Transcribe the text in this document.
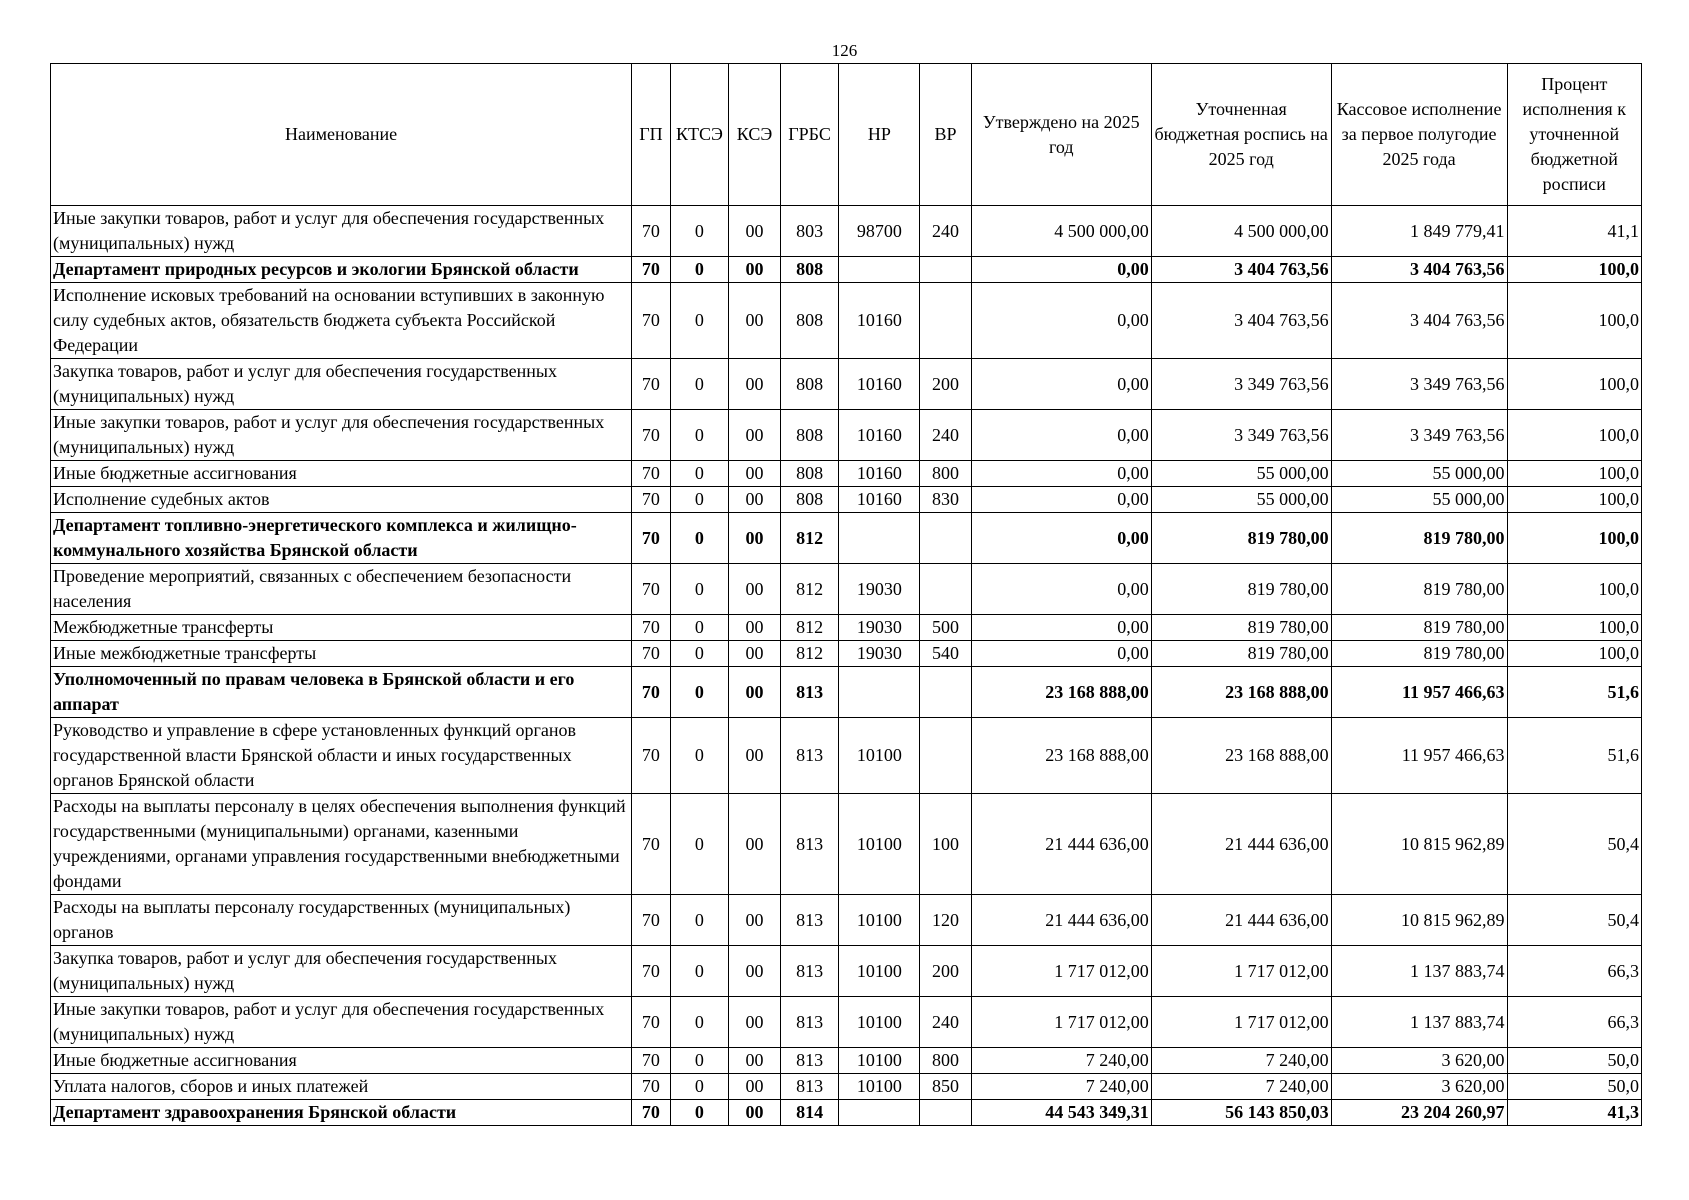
126
Наименование	ГП	КТСЭ	КСЭ	ГРБС	НР	ВР	Утверждено на 2025 год	Уточненная бюджетная роспись на 2025 год	Кассовое исполнение за первое полугодие 2025 года	Процент исполнения к уточненной бюджетной росписи
Иные закупки товаров, работ и услуг для обеспечения государственных (муниципальных) нужд	70	0	00	803	98700	240	4 500 000,00	4 500 000,00	1 849 779,41	41,1
Департамент природных ресурсов и экологии Брянской области	70	0	00	808			0,00	3 404 763,56	3 404 763,56	100,0
Исполнение исковых требований на основании вступивших в законную силу судебных актов, обязательств бюджета субъекта Российской Федерации	70	0	00	808	10160		0,00	3 404 763,56	3 404 763,56	100,0
Закупка товаров, работ и услуг для обеспечения государственных (муниципальных) нужд	70	0	00	808	10160	200	0,00	3 349 763,56	3 349 763,56	100,0
Иные закупки товаров, работ и услуг для обеспечения государственных (муниципальных) нужд	70	0	00	808	10160	240	0,00	3 349 763,56	3 349 763,56	100,0
Иные бюджетные ассигнования	70	0	00	808	10160	800	0,00	55 000,00	55 000,00	100,0
Исполнение судебных актов	70	0	00	808	10160	830	0,00	55 000,00	55 000,00	100,0
Департамент топливно-энергетического комплекса и жилищно-коммунального хозяйства Брянской области	70	0	00	812			0,00	819 780,00	819 780,00	100,0
Проведение мероприятий, связанных с обеспечением безопасности населения	70	0	00	812	19030		0,00	819 780,00	819 780,00	100,0
Межбюджетные трансферты	70	0	00	812	19030	500	0,00	819 780,00	819 780,00	100,0
Иные межбюджетные трансферты	70	0	00	812	19030	540	0,00	819 780,00	819 780,00	100,0
Уполномоченный по правам человека в Брянской области и его аппарат	70	0	00	813			23 168 888,00	23 168 888,00	11 957 466,63	51,6
Руководство и управление в сфере установленных функций органов государственной власти Брянской области и иных государственных органов Брянской области	70	0	00	813	10100		23 168 888,00	23 168 888,00	11 957 466,63	51,6
Расходы на выплаты персоналу в целях обеспечения выполнения функций государственными (муниципальными) органами, казенными учреждениями, органами управления государственными внебюджетными фондами	70	0	00	813	10100	100	21 444 636,00	21 444 636,00	10 815 962,89	50,4
Расходы на выплаты персоналу государственных (муниципальных) органов	70	0	00	813	10100	120	21 444 636,00	21 444 636,00	10 815 962,89	50,4
Закупка товаров, работ и услуг для обеспечения государственных (муниципальных) нужд	70	0	00	813	10100	200	1 717 012,00	1 717 012,00	1 137 883,74	66,3
Иные закупки товаров, работ и услуг для обеспечения государственных (муниципальных) нужд	70	0	00	813	10100	240	1 717 012,00	1 717 012,00	1 137 883,74	66,3
Иные бюджетные ассигнования	70	0	00	813	10100	800	7 240,00	7 240,00	3 620,00	50,0
Уплата налогов, сборов и иных платежей	70	0	00	813	10100	850	7 240,00	7 240,00	3 620,00	50,0
Департамент здравоохранения Брянской области	70	0	00	814			44 543 349,31	56 143 850,03	23 204 260,97	41,3
